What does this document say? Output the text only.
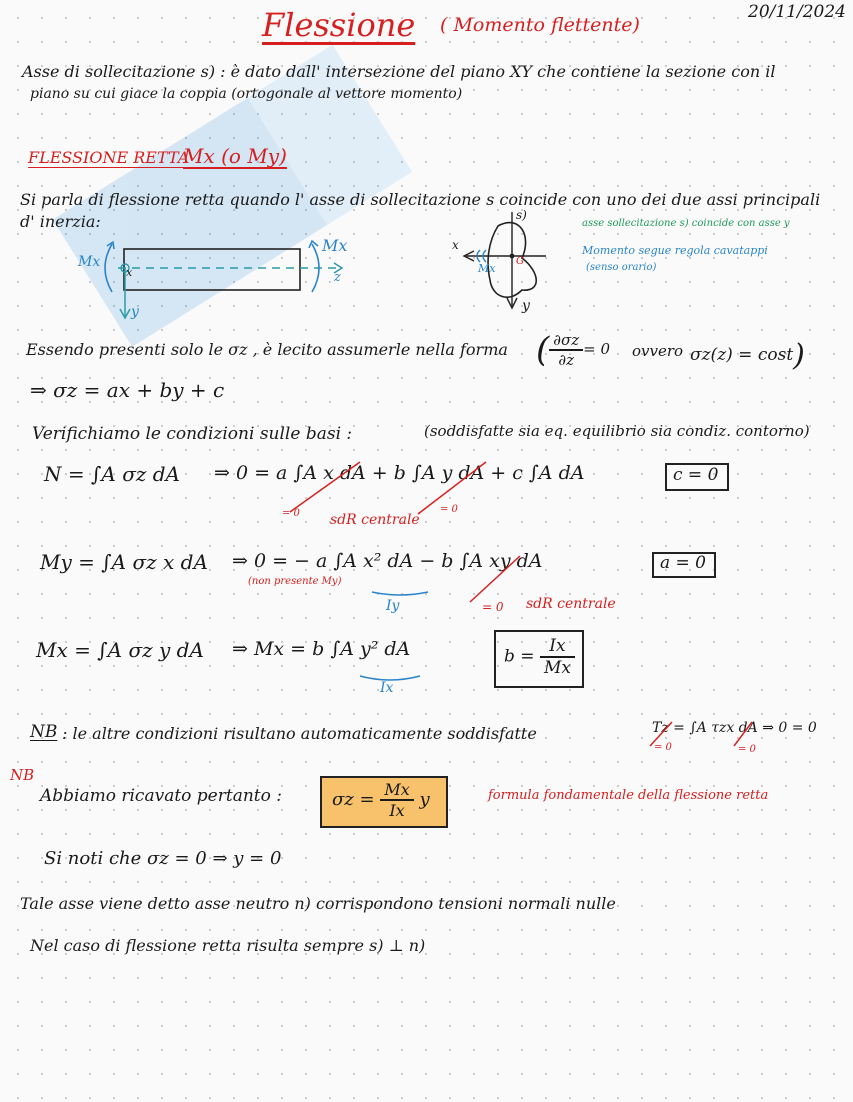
20/11/2024
Flessione ( Momento flettente)
Asse di sollecitazione s) : è dato dall' intersezione del piano XY che contiene la sezione con il
piano su cui giace la coppia (ortogonale al vettore momento)
FLESSIONE RETTA
Mx (o My)
Si parla di flessione retta quando l' asse di sollecitazione s coincide con uno dei due assi principali
d' inerzia:
Mx
Mx
x	z
y
s)
x
G
Mx
y
asse sollecitazione s) coincide con asse y
Momento segue regola cavatappi
(senso orario)
Essendo presenti solo le σz , è lecito assumerle nella forma ( $\frac{\partial\sigma z}{\partial z} = 0$ ovvero σz(z) = cost)
⇒ σz = ax + by + c
Verifichiamo le condizioni sulle basi :	(soddisfatte sia eq. equilibrio sia condiz. contorno)
N = ∫A σz dA ⇒ 0 = a ∫A x dA + b ∫A y dA + c ∫A dA
= 0	= 0
sdR centrale
c = 0
My = ∫A σz x dA ⇒ 0 = − a ∫A x² dA − b ∫A xy dA
(non presente My)
Iy	= 0 sdR centrale
a = 0
Mx = ∫A σz y dA ⇒ Mx = b ∫A y² dA
Ix
$b = \frac{Ix}{Mx}$
NB : le altre condizioni risultano automaticamente soddisfatte	Tz = ∫A τzx dA ⇒ 0 = 0
= 0	= 0
NB
Abbiamo ricavato pertanto :	$\sigma z = \frac{Mx}{Ix}$ y	formula fondamentale della flessione retta
Si noti che σz = 0 ⇒ y = 0
Tale asse viene detto asse neutro n) corrispondono tensioni normali nulle
Nel caso di flessione retta risulta sempre s) ⊥ n)
